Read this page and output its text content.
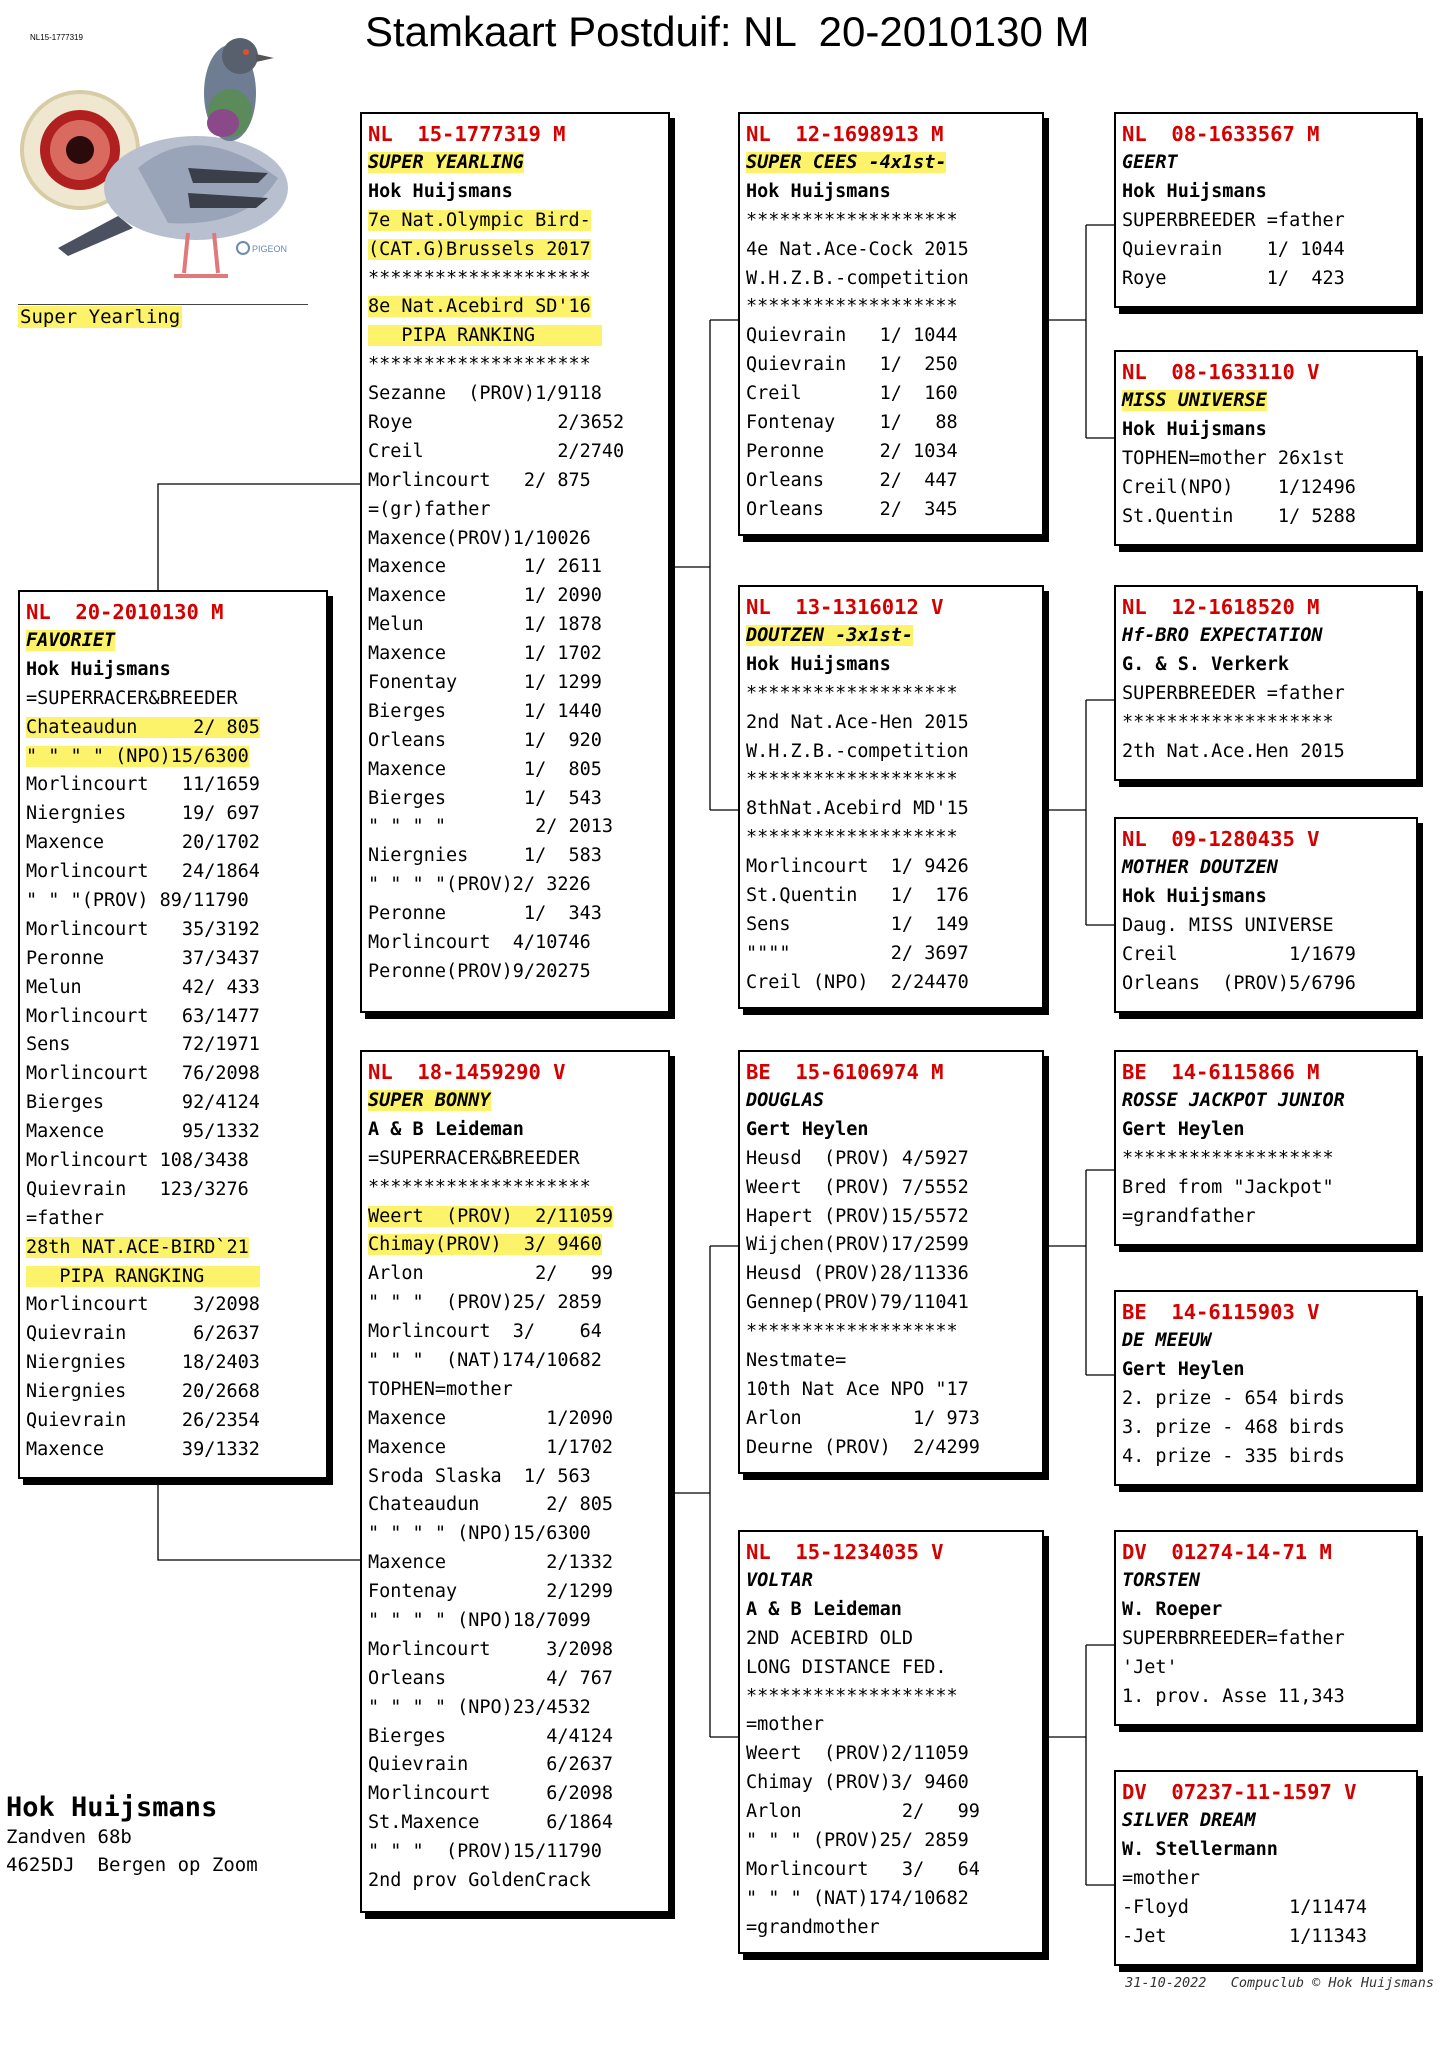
Stamkaart Postduif: NL  20-2010130 M
NL15-1777319
PIGEON
Super Yearling
NL  20-2010130 M
FAVORIET
Hok Huijsmans
=SUPERRACER&BREEDER
Chateaudun     2/ 805
" " " " (NPO)15/6300
Morlincourt   11/1659
Niergnies     19/ 697
Maxence       20/1702
Morlincourt   24/1864
" " "(PROV) 89/11790
Morlincourt   35/3192
Peronne       37/3437
Melun         42/ 433
Morlincourt   63/1477
Sens          72/1971
Morlincourt   76/2098
Bierges       92/4124
Maxence       95/1332
Morlincourt 108/3438
Quievrain   123/3276
=father
28th NAT.ACE-BIRD`21
PIPA RANGKING
Morlincourt    3/2098
Quievrain      6/2637
Niergnies     18/2403
Niergnies     20/2668
Quievrain     26/2354
Maxence       39/1332
NL  15-1777319 M
SUPER YEARLING
Hok Huijsmans
7e Nat.Olympic Bird-
(CAT.G)Brussels 2017
********************
8e Nat.Acebird SD'16
PIPA RANKING
********************
Sezanne  (PROV)1/9118
Roye             2/3652
Creil            2/2740
Morlincourt   2/ 875
=(gr)father
Maxence(PROV)1/10026
Maxence       1/ 2611
Maxence       1/ 2090
Melun         1/ 1878
Maxence       1/ 1702
Fonentay      1/ 1299
Bierges       1/ 1440
Orleans       1/  920
Maxence       1/  805
Bierges       1/  543
" " " "        2/ 2013
Niergnies     1/  583
" " " "(PROV)2/ 3226
Peronne       1/  343
Morlincourt  4/10746
Peronne(PROV)9/20275
NL  18-1459290 V
SUPER BONNY
A & B Leideman
=SUPERRACER&BREEDER
********************
Weert  (PROV)  2/11059
Chimay(PROV)  3/ 9460
Arlon          2/   99
" " "  (PROV)25/ 2859
Morlincourt  3/    64
" " "  (NAT)174/10682
TOPHEN=mother
Maxence         1/2090
Maxence         1/1702
Sroda Slaska  1/ 563
Chateaudun      2/ 805
" " " " (NPO)15/6300
Maxence         2/1332
Fontenay        2/1299
" " " " (NPO)18/7099
Morlincourt     3/2098
Orleans         4/ 767
" " " " (NPO)23/4532
Bierges         4/4124
Quievrain       6/2637
Morlincourt     6/2098
St.Maxence      6/1864
" " "  (PROV)15/11790
2nd prov GoldenCrack
NL  12-1698913 M
SUPER CEES -4x1st-
Hok Huijsmans
*******************
4e Nat.Ace-Cock 2015
W.H.Z.B.-competition
*******************
Quievrain   1/ 1044
Quievrain   1/  250
Creil       1/  160
Fontenay    1/   88
Peronne     2/ 1034
Orleans     2/  447
Orleans     2/  345
NL  13-1316012 V
DOUTZEN -3x1st-
Hok Huijsmans
*******************
2nd Nat.Ace-Hen 2015
W.H.Z.B.-competition
*******************
8thNat.Acebird MD'15
*******************
Morlincourt  1/ 9426
St.Quentin   1/  176
Sens         1/  149
""""         2/ 3697
Creil (NPO)  2/24470
BE  15-6106974 M
DOUGLAS
Gert Heylen
Heusd  (PROV) 4/5927
Weert  (PROV) 7/5552
Hapert (PROV)15/5572
Wijchen(PROV)17/2599
Heusd (PROV)28/11336
Gennep(PROV)79/11041
*******************
Nestmate=
10th Nat Ace NPO "17
Arlon          1/ 973
Deurne (PROV)  2/4299
NL  15-1234035 V
VOLTAR
A & B Leideman
2ND ACEBIRD OLD
LONG DISTANCE FED.
*******************
=mother
Weert  (PROV)2/11059
Chimay (PROV)3/ 9460
Arlon         2/   99
" " " (PROV)25/ 2859
Morlincourt   3/   64
" " " (NAT)174/10682
=grandmother
NL  08-1633567 M
GEERT
Hok Huijsmans
SUPERBREEDER =father
Quievrain    1/ 1044
Roye         1/  423
NL  08-1633110 V
MISS UNIVERSE
Hok Huijsmans
TOPHEN=mother 26x1st
Creil(NPO)    1/12496
St.Quentin    1/ 5288
NL  12-1618520 M
Hf-BRO EXPECTATION
G. & S. Verkerk
SUPERBREEDER =father
*******************
2th Nat.Ace.Hen 2015
NL  09-1280435 V
MOTHER DOUTZEN
Hok Huijsmans
Daug. MISS UNIVERSE
Creil          1/1679
Orleans  (PROV)5/6796
BE  14-6115866 M
ROSSE JACKPOT JUNIOR
Gert Heylen
*******************
Bred from "Jackpot"
=grandfather
BE  14-6115903 V
DE MEEUW
Gert Heylen
2. prize - 654 birds
3. prize - 468 birds
4. prize - 335 birds
DV  01274-14-71 M
TORSTEN
W. Roeper
SUPERBRREEDER=father
'Jet'
1. prov. Asse 11,343
DV  07237-11-1597 V
SILVER DREAM
W. Stellermann
=mother
-Floyd         1/11474
-Jet           1/11343
Hok Huijsmans
Zandven 68b
4625DJ  Bergen op Zoom
31-10-2022   Compuclub © Hok Huijsmans
